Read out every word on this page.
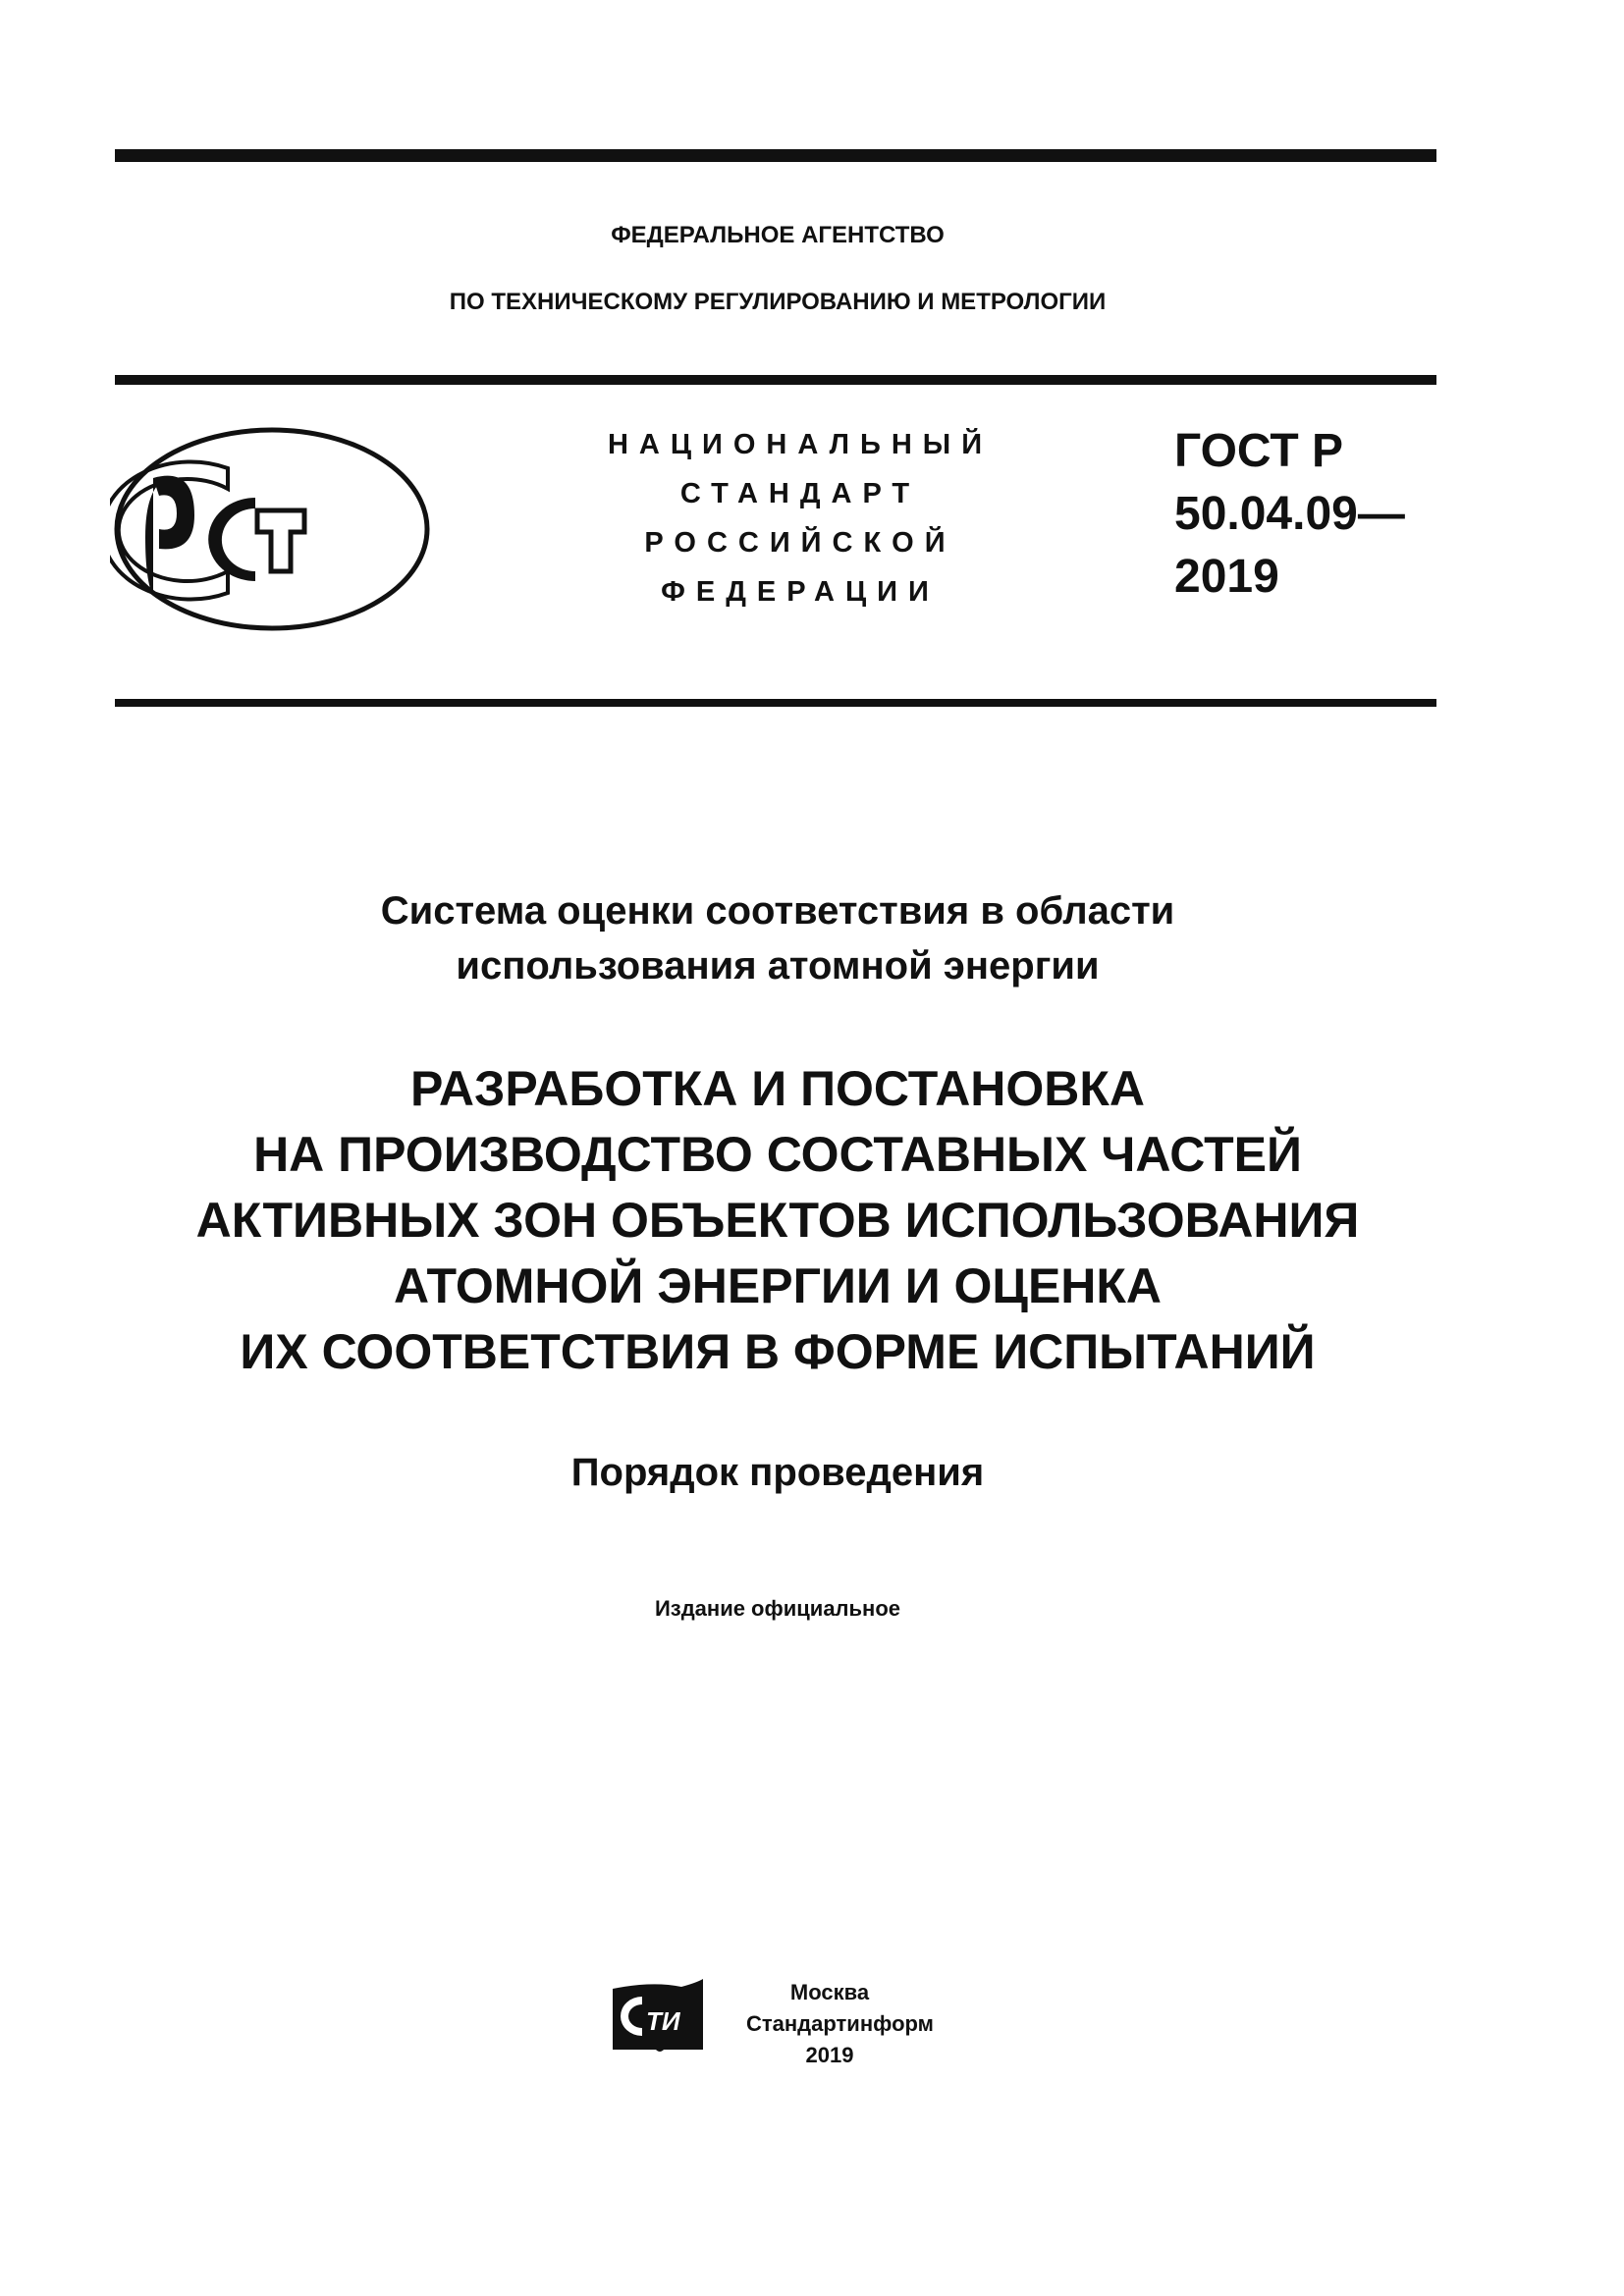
ФЕДЕРАЛЬНОЕ АГЕНТСТВО
ПО ТЕХНИЧЕСКОМУ РЕГУЛИРОВАНИЮ И МЕТРОЛОГИИ
НАЦИОНАЛЬНЫЙ
СТАНДАРТ
РОССИЙСКОЙ
ФЕДЕРАЦИИ
ГОСТ Р
50.04.09—
2019
Система оценки соответствия в области
использования атомной энергии
РАЗРАБОТКА И ПОСТАНОВКА
НА ПРОИЗВОДСТВО СОСТАВНЫХ ЧАСТЕЙ
АКТИВНЫХ ЗОН ОБЪЕКТОВ ИСПОЛЬЗОВАНИЯ
АТОМНОЙ ЭНЕРГИИ И ОЦЕНКА
ИХ СООТВЕТСТВИЯ В ФОРМЕ ИСПЫТАНИЙ
Порядок проведения
Издание официальное
ТИ
Москва
Стандартинформ
2019
